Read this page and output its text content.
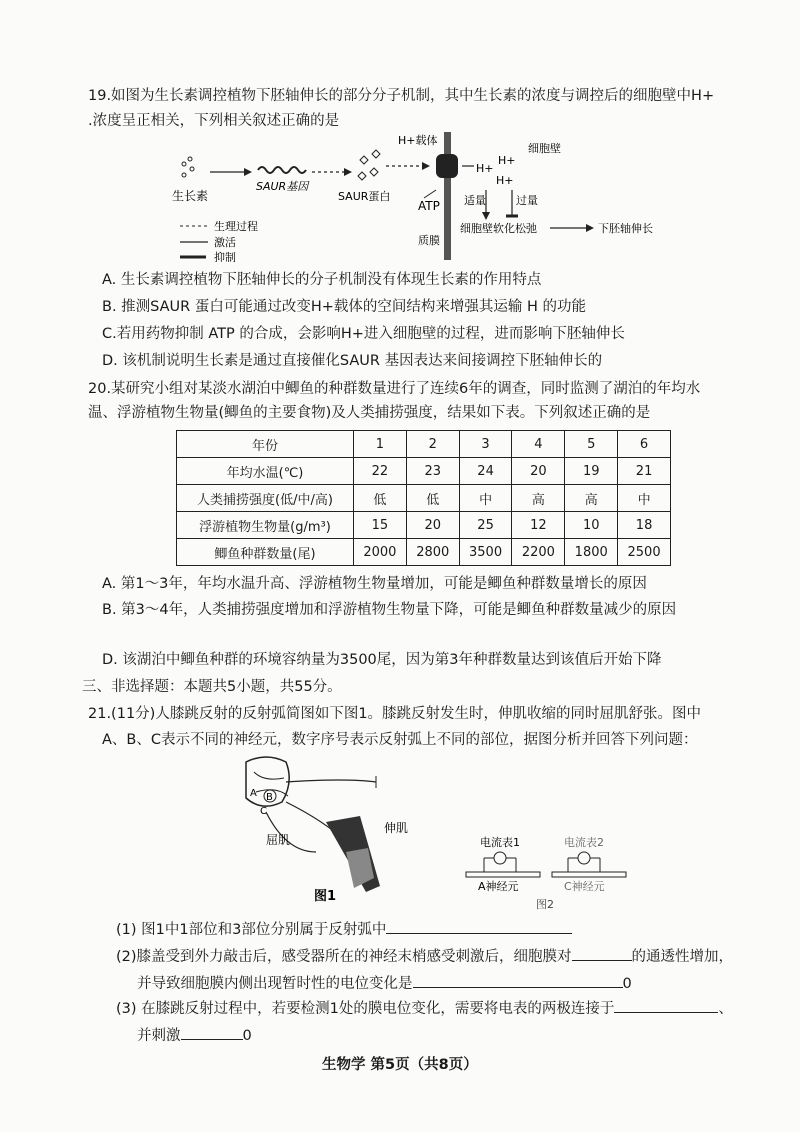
19.如图为生长素调控植物下胚轴伸长的部分分子机制，其中生长素的浓度与调控后的细胞壁中H+
.浓度呈正相关，下列相关叙述正确的是
生长素
SAUR基因
SAUR蛋白
H+载体
细胞壁
H+
H+
H+
ATP
质膜
适量	过量
细胞壁软化松弛	下胚轴伸长
生理过程
激活
抑制
A. 生长素调控植物下胚轴伸长的分子机制没有体现生长素的作用特点
B. 推测SAUR 蛋白可能通过改变H+载体的空间结构来增强其运输 H 的功能
C.若用药物抑制 ATP 的合成，会影响H+进入细胞壁的过程，进而影响下胚轴伸长
D. 该机制说明生长素是通过直接催化SAUR 基因表达来间接调控下胚轴伸长的
20.某研究小组对某淡水湖泊中鲫鱼的种群数量进行了连续6年的调查，同时监测了湖泊的年均水
温、浮游植物生物量(鲫鱼的主要食物)及人类捕捞强度，结果如下表。下列叙述正确的是
年份	1	2	3	4	5	6
年均水温(℃)	22	23	24	20	19	21
人类捕捞强度(低/中/高)	低	低	中	高	高	中
浮游植物生物量(g/m³)	15	20	25	12	10	18
鲫鱼种群数量(尾)	2000	2800	3500	2200	1800	2500
A. 第1～3年，年均水温升高、浮游植物生物量增加，可能是鲫鱼种群数量增长的原因
B. 第3～4年，人类捕捞强度增加和浮游植物生物量下降，可能是鲫鱼种群数量减少的原因
D. 该湖泊中鲫鱼种群的环境容纳量为3500尾，因为第3年种群数量达到该值后开始下降
三、非选择题：本题共5小题，共55分。
21.(11分)人膝跳反射的反射弧简图如下图1。膝跳反射发生时，伸肌收缩的同时屈肌舒张。图中
A、B、C表示不同的神经元，数字序号表示反射弧上不同的部位，据图分析并回答下列问题：
A B
C
屈肌
伸肌
图1
电流表1
A神经元
电流表2
C神经元
图2
(1) 图1中1部位和3部位分别属于反射弧中
(2)膝盖受到外力敲击后，感受器所在的神经末梢感受刺激后，细胞膜对	的通透性增加，
并导致细胞膜内侧出现暂时性的电位变化是	0
(3) 在膝跳反射过程中，若要检测1处的膜电位变化，需要将电表的两极连接于	、
并刺激	0
生物学 第5页（共8页）
